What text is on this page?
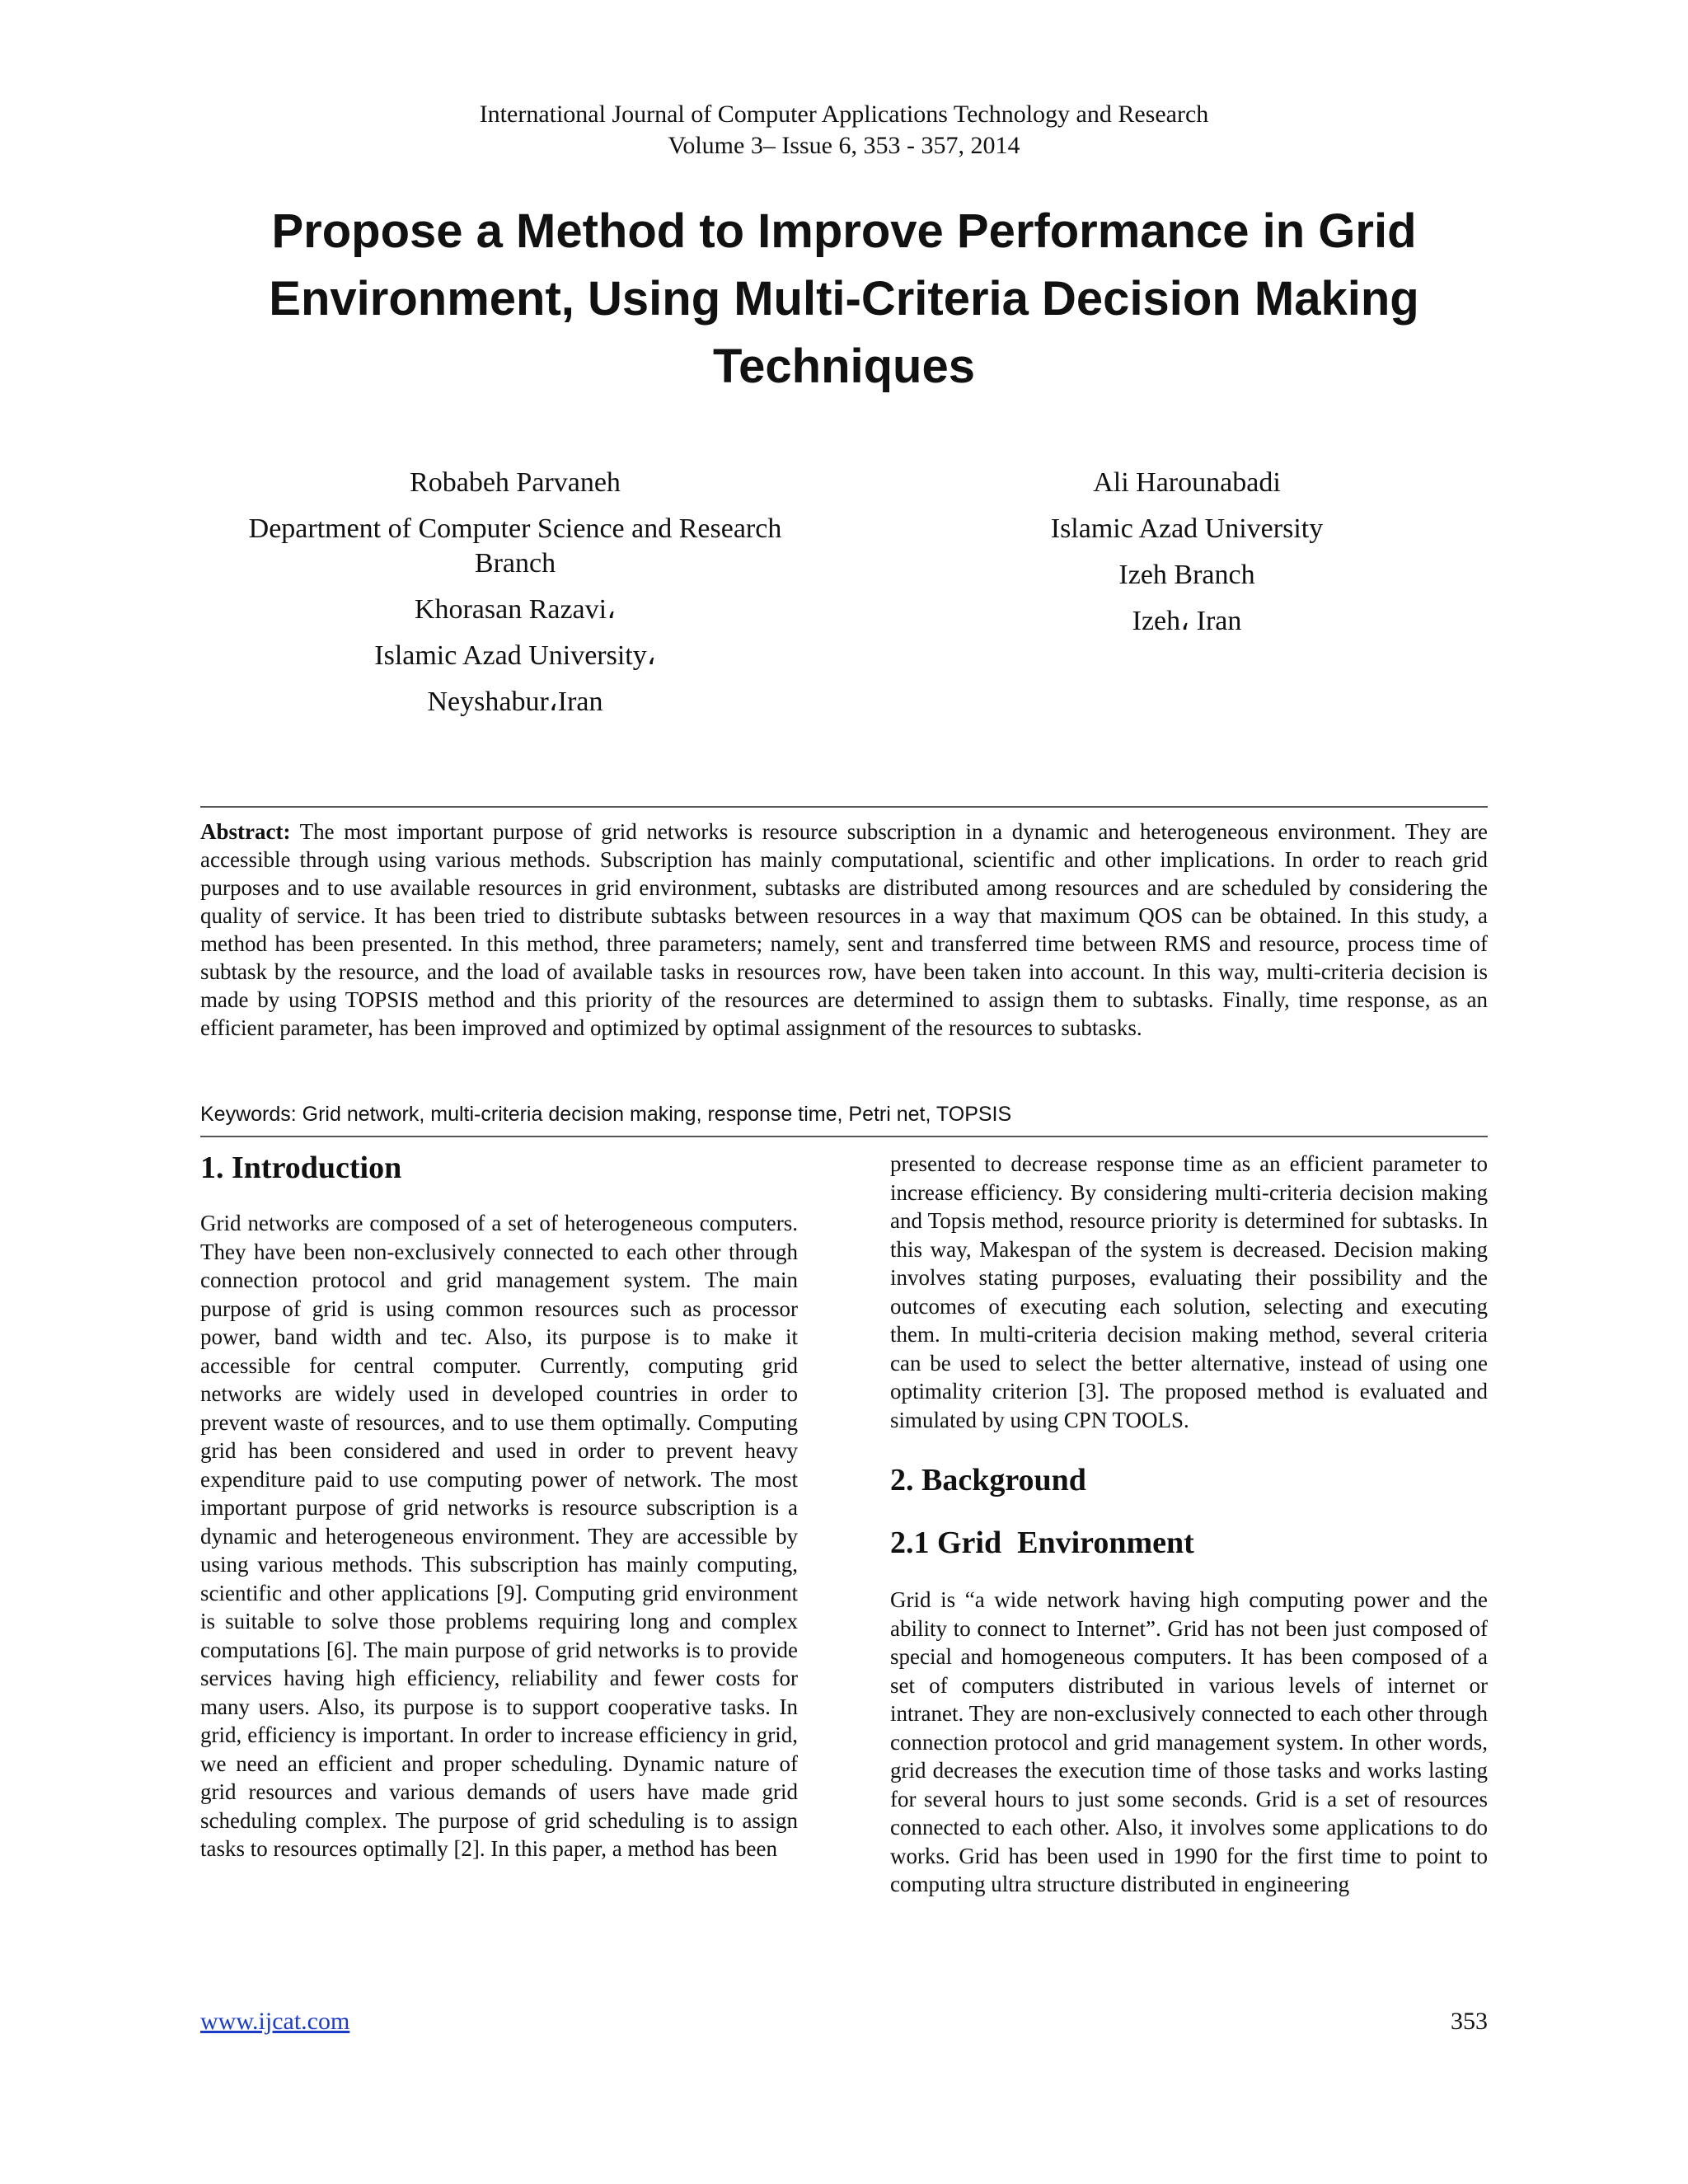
International Journal of Computer Applications Technology and Research
Volume 3– Issue 6, 353 - 357, 2014
Propose a Method to Improve Performance in Grid Environment, Using Multi-Criteria Decision Making Techniques
Robabeh Parvaneh
Department of Computer Science and Research Branch
Khorasan Razavi،
Islamic Azad University،
Neyshabur،Iran
Ali Harounabadi
Islamic Azad University
Izeh Branch
Izeh، Iran

Abstract: The most important purpose of grid networks is resource subscription in a dynamic and heterogeneous environment. They are accessible through using various methods. Subscription has mainly computational, scientific and other implications. In order to reach grid purposes and to use available resources in grid environment, subtasks are distributed among resources and are scheduled by considering the quality of service. It has been tried to distribute subtasks between resources in a way that maximum QOS can be obtained. In this study, a method has been presented. In this method, three parameters; namely, sent and transferred time between RMS and resource, process time of subtask by the resource, and the load of available tasks in resources row, have been taken into account. In this way, multi-criteria decision is made by using TOPSIS method and this priority of the resources are determined to assign them to subtasks. Finally, time response, as an efficient parameter, has been improved and optimized by optimal assignment of the resources to subtasks.

Keywords: Grid network, multi-criteria decision making, response time, Petri net, TOPSIS

1. Introduction

Grid networks are composed of a set of heterogeneous computers. They have been non-exclusively connected to each other through connection protocol and grid management system. The main purpose of grid is using common resources such as processor power, band width and tec. Also, its purpose is to make it accessible for central computer. Currently, computing grid networks are widely used in developed countries in order to prevent waste of resources, and to use them optimally. Computing grid has been considered and used in order to prevent heavy expenditure paid to use computing power of network. The most important purpose of grid networks is resource subscription is a dynamic and heterogeneous environment. They are accessible by using various methods. This subscription has mainly computing, scientific and other applications [9]. Computing grid environment is suitable to solve those problems requiring long and complex computations [6]. The main purpose of grid networks is to provide services having high efficiency, reliability and fewer costs for many users. Also, its purpose is to support cooperative tasks. In grid, efficiency is important. In order to increase efficiency in grid, we need an efficient and proper scheduling. Dynamic nature of grid resources and various demands of users have made grid scheduling complex. The purpose of grid scheduling is to assign tasks to resources optimally [2]. In this paper, a method has been

presented to decrease response time as an efficient parameter to increase efficiency. By considering multi-criteria decision making and Topsis method, resource priority is determined for subtasks. In this way, Makespan of the system is decreased. Decision making involves stating purposes, evaluating their possibility and the outcomes of executing each solution, selecting and executing them. In multi-criteria decision making method, several criteria can be used to select the better alternative, instead of using one optimality criterion [3]. The proposed method is evaluated and simulated by using CPN TOOLS.

2. Background
2.1 Grid  Environment

Grid is “a wide network having high computing power and the ability to connect to Internet”. Grid has not been just composed of special and homogeneous computers. It has been composed of a set of computers distributed in various levels of internet or intranet. They are non-exclusively connected to each other through connection protocol and grid management system. In other words, grid decreases the execution time of those tasks and works lasting for several hours to just some seconds. Grid is a set of resources connected to each other. Also, it involves some applications to do works. Grid has been used in 1990 for the first time to point to computing ultra structure distributed in engineering

www.ijcat.com	353
